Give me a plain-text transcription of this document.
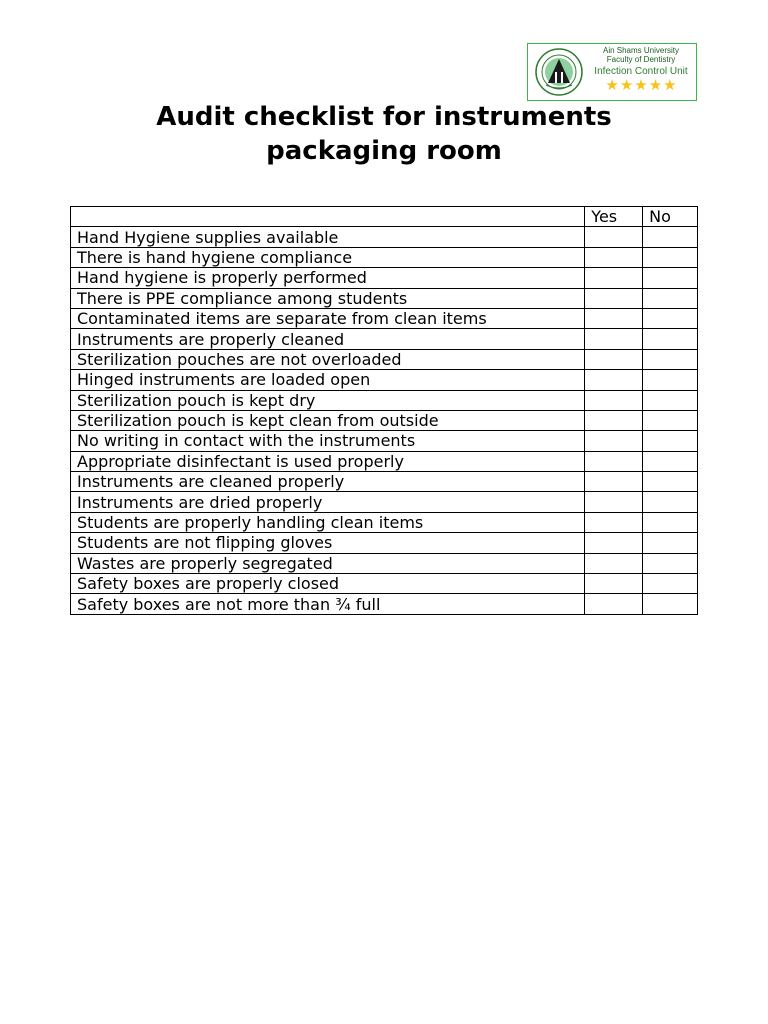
Ain Shams University
Faculty of Dentistry
Infection Control Unit
★ ★ ★ ★ ★
Audit checklist for instruments
packaging room
	Yes	No
Hand Hygiene supplies available		
There is hand hygiene compliance		
Hand hygiene is properly performed		
There is PPE compliance among students		
Contaminated items are separate from clean items		
Instruments are properly cleaned		
Sterilization pouches are not overloaded		
Hinged instruments are loaded open		
Sterilization pouch is kept dry		
Sterilization pouch is kept clean from outside		
No writing in contact with the instruments		
Appropriate disinfectant is used properly		
Instruments are cleaned properly		
Instruments are dried properly		
Students are properly handling clean items		
Students are not flipping gloves		
Wastes are properly segregated		
Safety boxes are properly closed		
Safety boxes are not more than ¾ full		
